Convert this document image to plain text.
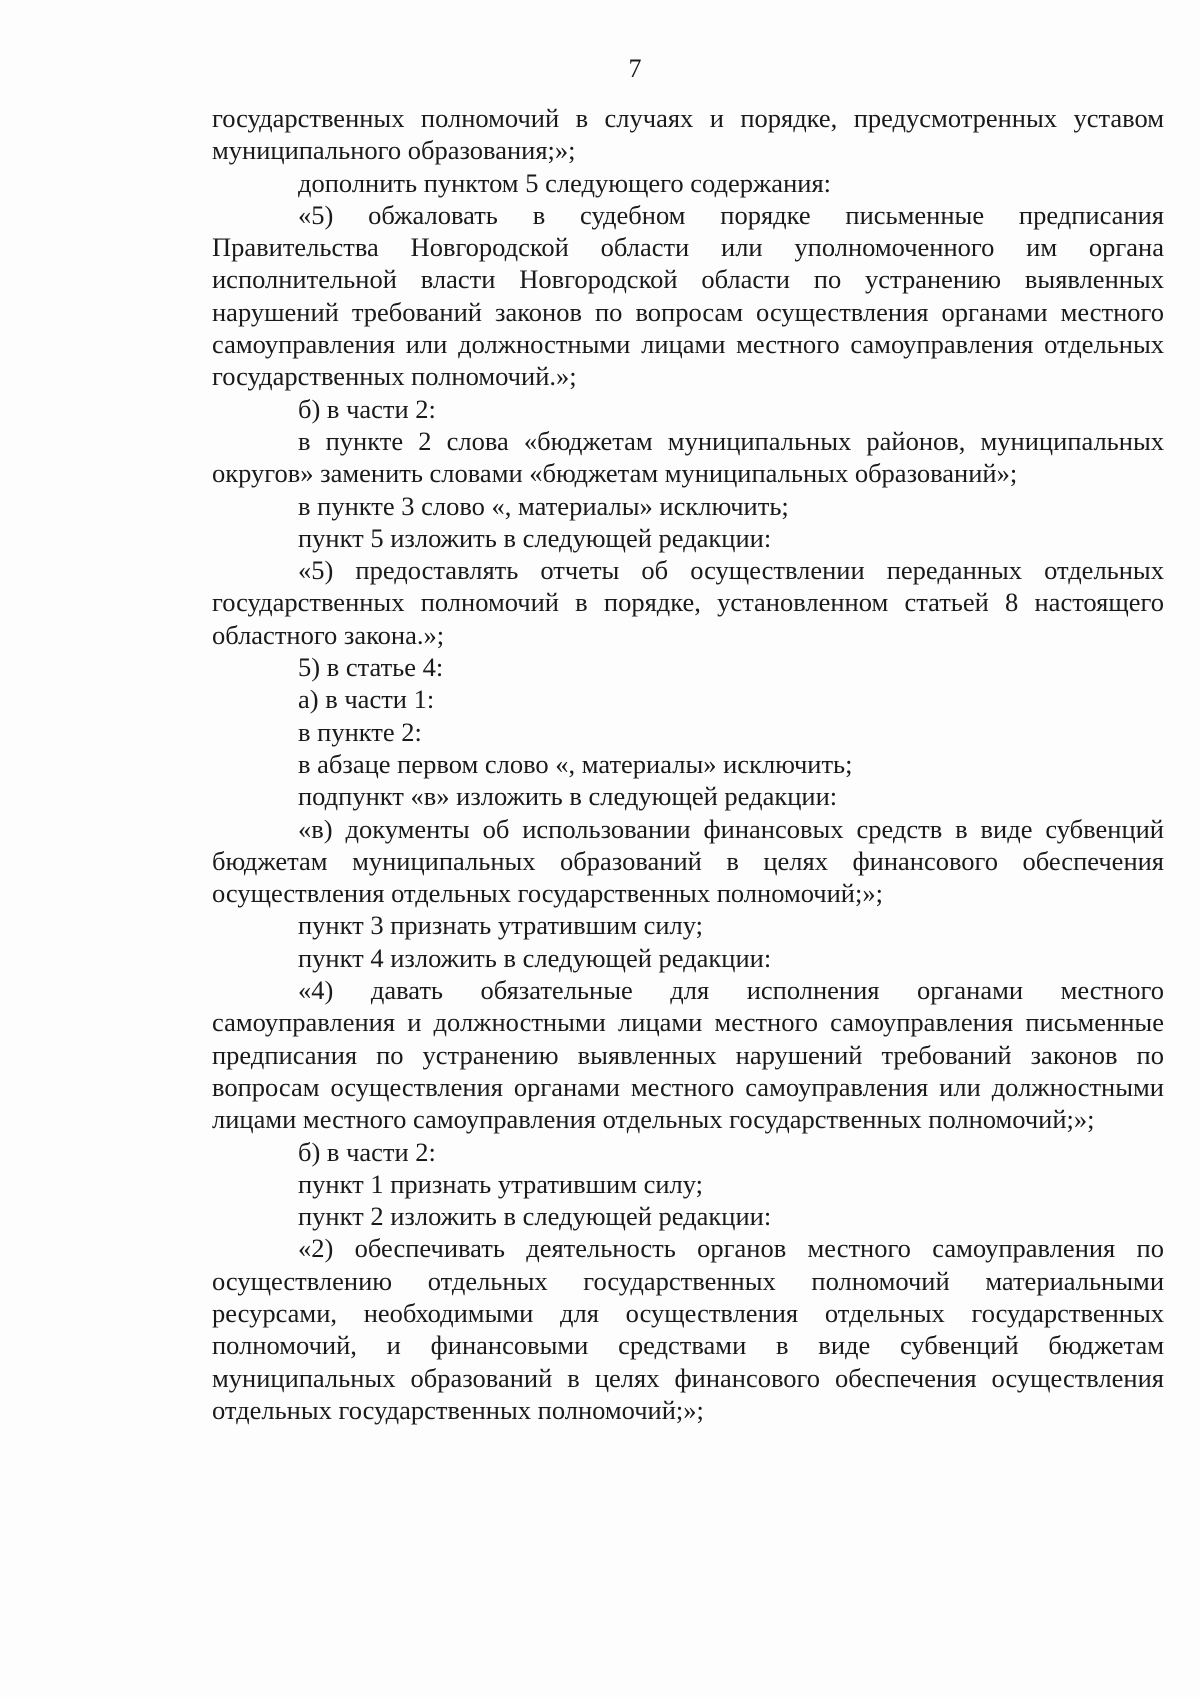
7

государственных полномочий в случаях и порядке, предусмотренных уставом муниципального образования;»;

дополнить пунктом 5 следующего содержания:

«5) обжаловать в судебном порядке письменные предписания Правительства Новгородской области или уполномоченного им органа исполнительной власти Новгородской области по устранению выявленных нарушений требований законов по вопросам осуществления органами местного самоуправления или должностными лицами местного самоуправления отдельных государственных полномочий.»;

б) в части 2:

в пункте 2 слова «бюджетам муниципальных районов, муниципальных округов» заменить словами «бюджетам муниципальных образований»;

в пункте 3 слово «, материалы» исключить;

пункт 5 изложить в следующей редакции:

«5) предоставлять отчеты об осуществлении переданных отдельных государственных полномочий в порядке, установленном статьей 8 настоящего областного закона.»;

5) в статье 4:

а) в части 1:

в пункте 2:

в абзаце первом слово «, материалы» исключить;

подпункт «в» изложить в следующей редакции:

«в) документы об использовании финансовых средств в виде субвенций бюджетам муниципальных образований в целях финансового обеспечения осуществления отдельных государственных полномочий;»;

пункт 3 признать утратившим силу;

пункт 4 изложить в следующей редакции:

«4) давать обязательные для исполнения органами местного самоуправления и должностными лицами местного самоуправления письменные предписания по устранению выявленных нарушений требований законов по вопросам осуществления органами местного самоуправления или должностными лицами местного самоуправления отдельных государственных полномочий;»;

б) в части 2:

пункт 1 признать утратившим силу;

пункт 2 изложить в следующей редакции:

«2) обеспечивать деятельность органов местного самоуправления по осуществлению отдельных государственных полномочий материальными ресурсами, необходимыми для осуществления отдельных государственных полномочий, и финансовыми средствами в виде субвенций бюджетам муниципальных образований в целях финансового обеспечения осуществления отдельных государственных полномочий;»;
